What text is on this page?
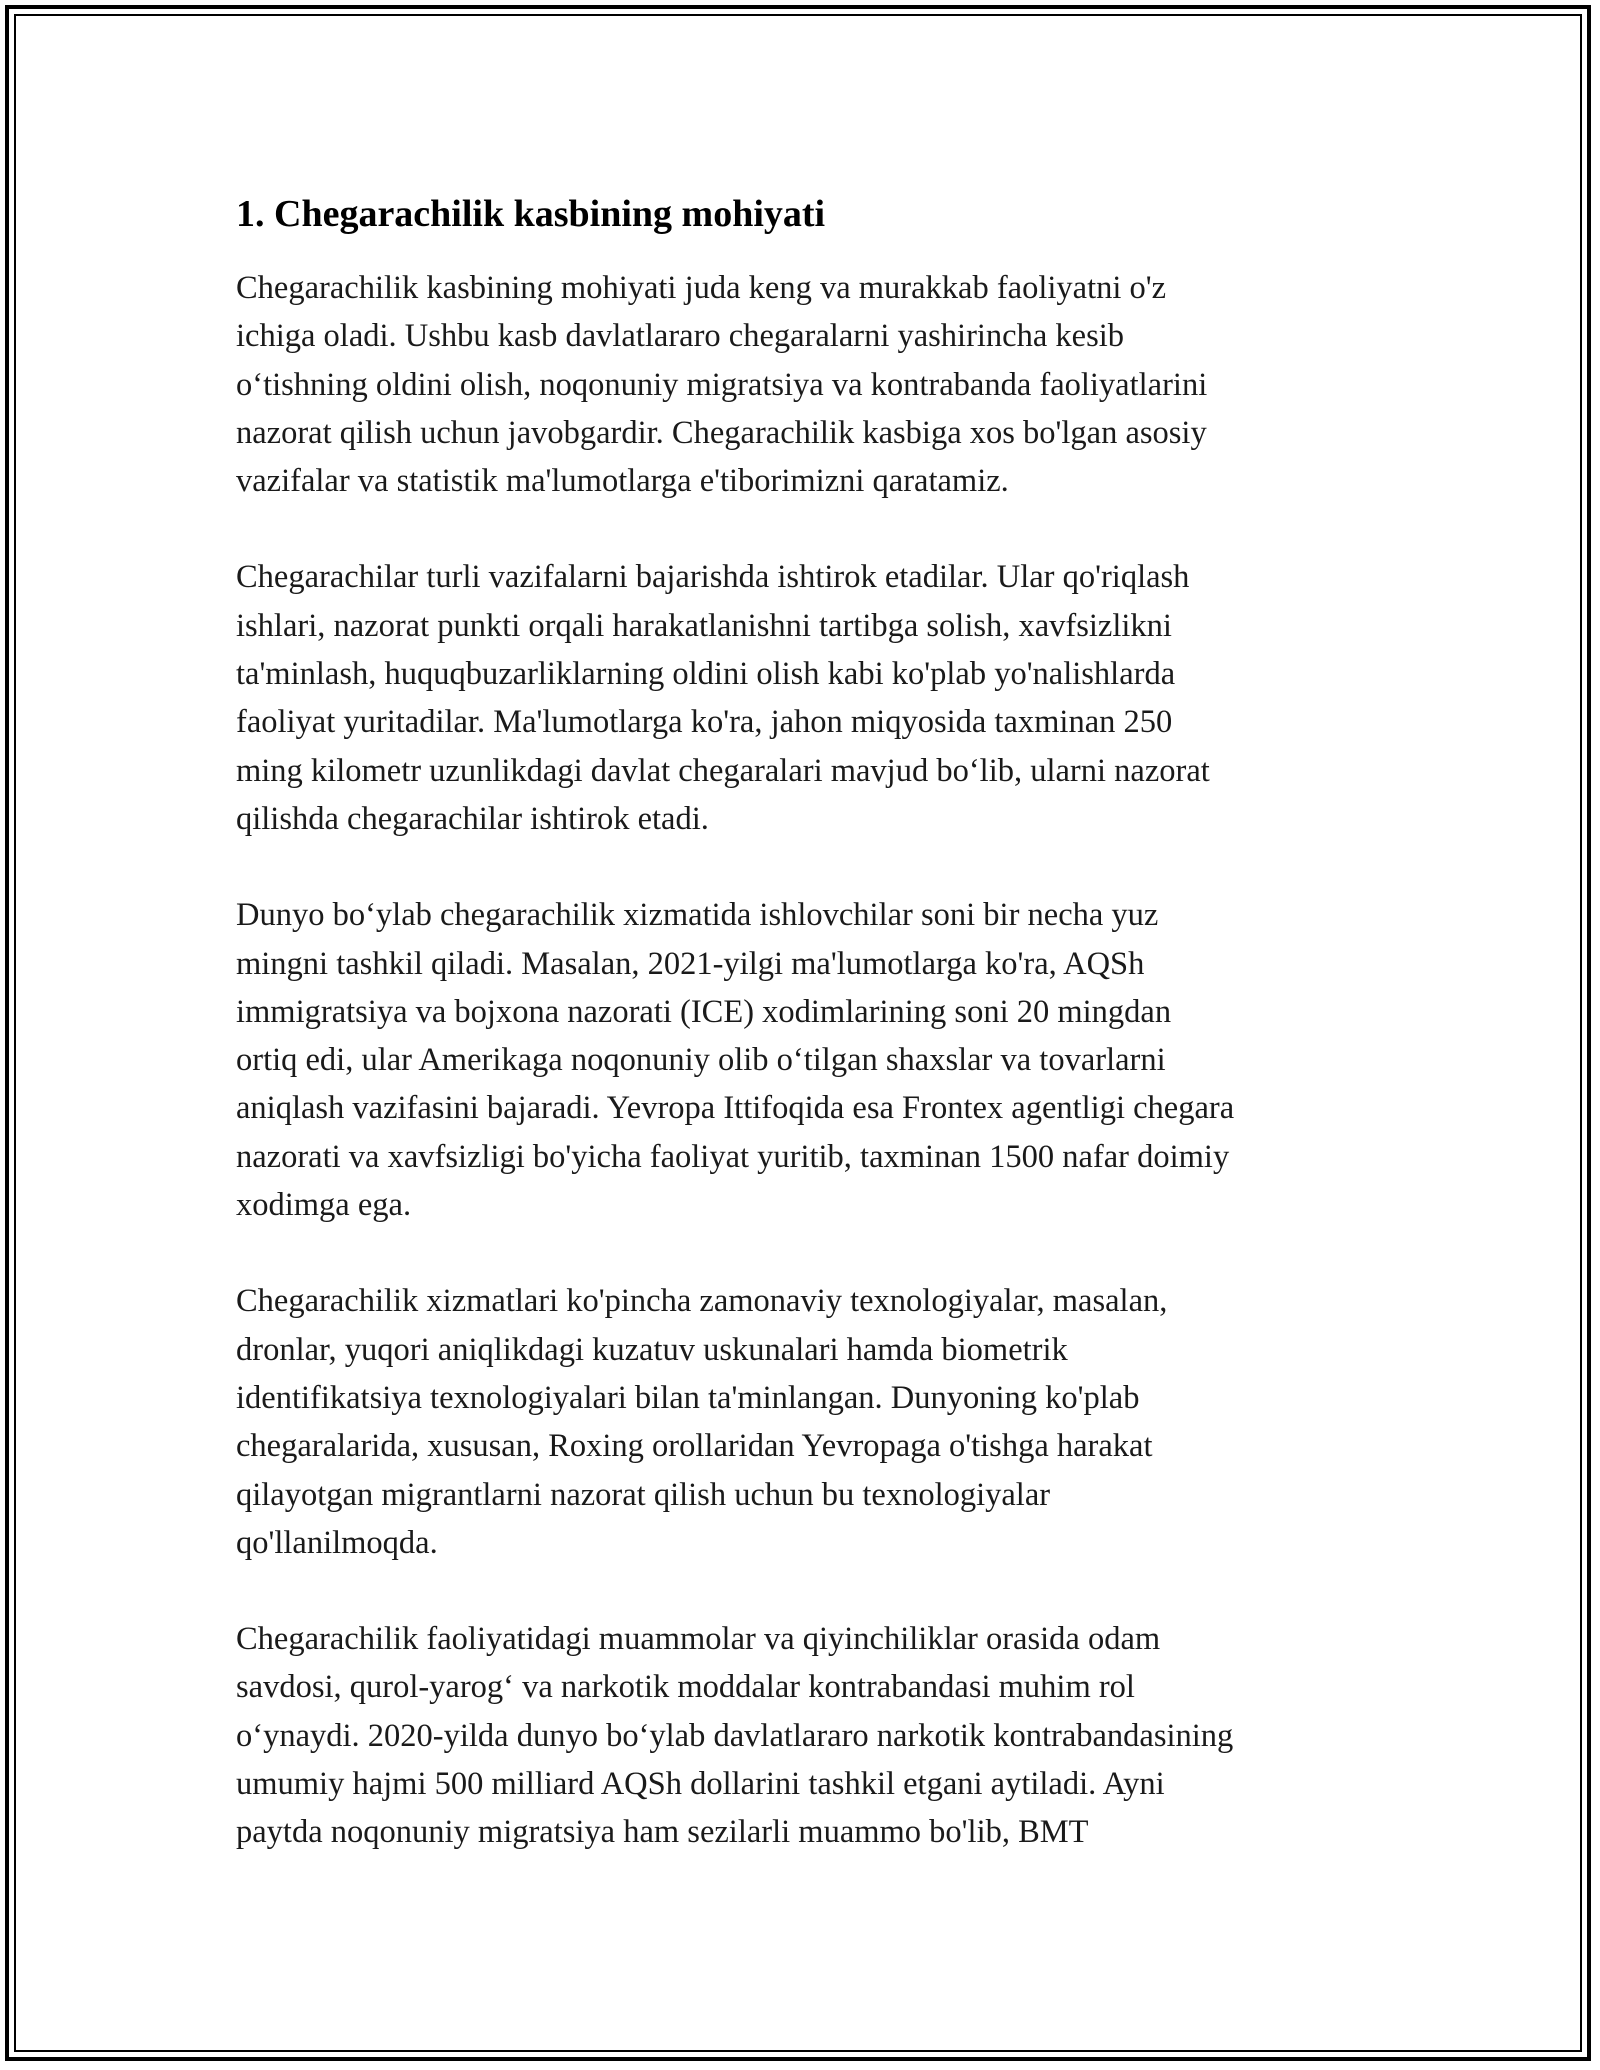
1. Chegarachilik kasbining mohiyati

Chegarachilik kasbining mohiyati juda keng va murakkab faoliyatni o'z
ichiga oladi. Ushbu kasb davlatlararo chegaralarni yashirincha kesib
o‘tishning oldini olish, noqonuniy migratsiya va kontrabanda faoliyatlarini
nazorat qilish uchun javobgardir. Chegarachilik kasbiga xos bo'lgan asosiy
vazifalar va statistik ma'lumotlarga e'tiborimizni qaratamiz.

Chegarachilar turli vazifalarni bajarishda ishtirok etadilar. Ular qo'riqlash
ishlari, nazorat punkti orqali harakatlanishni tartibga solish, xavfsizlikni
ta'minlash, huquqbuzarliklarning oldini olish kabi ko'plab yo'nalishlarda
faoliyat yuritadilar. Ma'lumotlarga ko'ra, jahon miqyosida taxminan 250
ming kilometr uzunlikdagi davlat chegaralari mavjud bo‘lib, ularni nazorat
qilishda chegarachilar ishtirok etadi.

Dunyo bo‘ylab chegarachilik xizmatida ishlovchilar soni bir necha yuz
mingni tashkil qiladi. Masalan, 2021-yilgi ma'lumotlarga ko'ra, AQSh
immigratsiya va bojxona nazorati (ICE) xodimlarining soni 20 mingdan
ortiq edi, ular Amerikaga noqonuniy olib o‘tilgan shaxslar va tovarlarni
aniqlash vazifasini bajaradi. Yevropa Ittifoqida esa Frontex agentligi chegara
nazorati va xavfsizligi bo'yicha faoliyat yuritib, taxminan 1500 nafar doimiy
xodimga ega.

Chegarachilik xizmatlari ko'pincha zamonaviy texnologiyalar, masalan,
dronlar, yuqori aniqlikdagi kuzatuv uskunalari hamda biometrik
identifikatsiya texnologiyalari bilan ta'minlangan. Dunyoning ko'plab
chegaralarida, xususan, Roxing orollaridan Yevropaga o'tishga harakat
qilayotgan migrantlarni nazorat qilish uchun bu texnologiyalar
qo'llanilmoqda.

Chegarachilik faoliyatidagi muammolar va qiyinchiliklar orasida odam
savdosi, qurol-yarog‘ va narkotik moddalar kontrabandasi muhim rol
o‘ynaydi. 2020-yilda dunyo bo‘ylab davlatlararo narkotik kontrabandasining
umumiy hajmi 500 milliard AQSh dollarini tashkil etgani aytiladi. Ayni
paytda noqonuniy migratsiya ham sezilarli muammo bo'lib, BMT
